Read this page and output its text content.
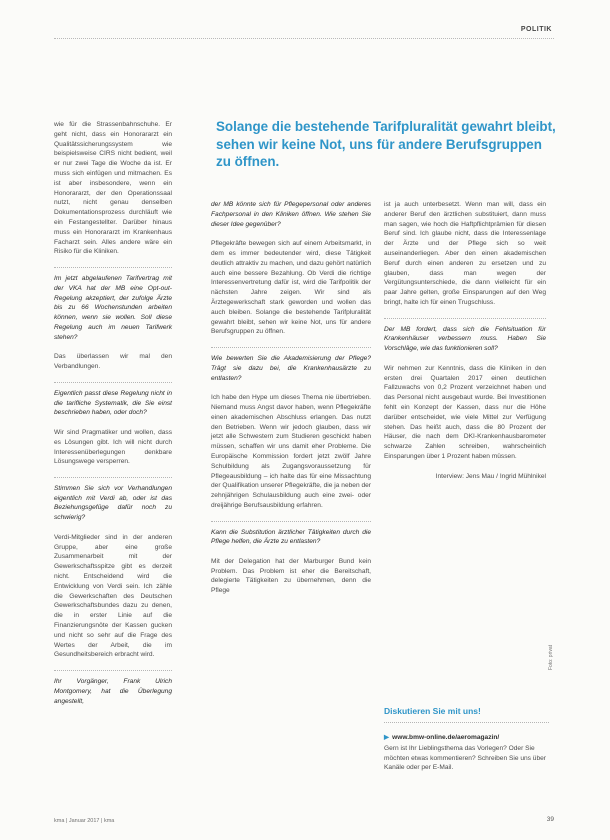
POLITIK
Solange die bestehende Tarifpluralität gewahrt bleibt, sehen wir keine Not, uns für andere Berufsgruppen zu öffnen.

wie für die Strassenbahnschuhe. Er geht nicht, dass ein Honorararzt ein Qualitätssicherungssystem wie beispielsweise CIRS nicht bedient, weil er nur zwei Tage die Woche da ist. Er muss sich einfügen und mitmachen. Es ist aber insbesondere, wenn ein Honorararzt, der den Operationssaal nutzt, nicht genau denselben Dokumentationsprozess durchläuft wie ein Festangestellter. Darüber hinaus muss ein Honorararzt im Krankenhaus Facharzt sein. Alles andere wäre ein Risiko für die Kliniken.

Im jetzt abgelaufenen Tarifvertrag mit der VKA hat der MB eine Opt-out-Regelung akzeptiert, der zufolge Ärzte bis zu 66 Wochenstunden arbeiten können, wenn sie wollen. Soll diese Regelung auch im neuen Tarifwerk stehen?

Das überlassen wir mal den Verbandlungen.

Eigentlich passt diese Regelung nicht in die tarifliche Systematik, die Sie einst beschrieben haben, oder doch?

Wir sind Pragmatiker und wollen, dass es Lösungen gibt. Ich will nicht durch Interessenüberlegungen denkbare Lösungswege versperren.

Stimmen Sie sich vor Verhandlungen eigentlich mit Verdi ab, oder ist das Beziehungsgefüge dafür noch zu schwierig?

Verdi-Mitglieder sind in der anderen Gruppe, aber eine große Zusammenarbeit mit der Gewerkschaftsspitze gibt es derzeit nicht. Entscheidend wird die Entwicklung von Verdi sein. Ich zähle die Gewerkschaften des Deutschen Gewerkschaftsbundes dazu zu denen, die in erster Linie auf die Finanzierungsnöte der Kassen gucken und nicht so sehr auf die Frage des Wertes der Arbeit, die im Gesundheitsbereich erbracht wird.

Ihr Vorgänger, Frank Ulrich Montgomery, hat die Überlegung angestellt,

der MB könnte sich für Pflegepersonal oder anderes Fachpersonal in den Kliniken öffnen. Wie stehen Sie dieser Idee gegenüber?

Pflegekräfte bewegen sich auf einem Arbeitsmarkt, in dem es immer bedeutender wird, diese Tätigkeit deutlich attraktiv zu machen, und dazu gehört natürlich auch eine bessere Bezahlung. Ob Verdi die richtige Interessenvertretung dafür ist, wird die Tarifpolitik der nächsten Jahre zeigen. Wir sind als Ärztegewerkschaft stark geworden und wollen das auch bleiben. Solange die bestehende Tarifpluralität gewahrt bleibt, sehen wir keine Not, uns für andere Berufsgruppen zu öffnen.

Wie bewerten Sie die Akademisierung der Pflege? Trägt sie dazu bei, die Krankenhausärzte zu entlasten?

Ich habe den Hype um dieses Thema nie übertrieben. Niemand muss Angst davor haben, wenn Pflegekräfte einen akademischen Abschluss erlangen. Das nutzt den Betrieben. Wenn wir jedoch glauben, dass wir jetzt alle Schwestern zum Studieren geschickt haben müssen, schaffen wir uns damit eher Probleme. Die Europäische Kommission fordert jetzt zwölf Jahre Schulbildung als Zugangsvoraussetzung für Pflegeausbildung – ich halte das für eine Missachtung der Qualifikation unserer Pflegekräfte, die ja neben der zehnjährigen Schulausbildung auch eine zwei- oder dreijährige Berufsausbildung erfahren.

Kann die Substitution ärztlicher Tätigkeiten durch die Pflege helfen, die Ärzte zu entlasten?

Mit der Delegation hat der Marburger Bund kein Problem. Das Problem ist eher die Bereitschaft, delegierte Tätigkeiten zu übernehmen, denn die Pflege

ist ja auch unterbesetzt. Wenn man will, dass ein anderer Beruf den ärztlichen substituiert, dann muss man sagen, wie hoch die Haftpflichtprämien für diesen Beruf sind. Ich glaube nicht, dass die Interessenlage der Ärzte und der Pflege sich so weit auseinanderliegen. Aber den einen akademischen Beruf durch einen anderen zu ersetzen und zu glauben, dass man wegen der Vergütungsunterschiede, die dann vielleicht für ein paar Jahre gelten, große Einsparungen auf den Weg bringt, halte ich für einen Trugschluss.

Der MB fordert, dass sich die Fehlsituation für Krankenhäuser verbessern muss. Haben Sie Vorschläge, wie das funktionieren soll?

Wir nehmen zur Kenntnis, dass die Kliniken in den ersten drei Quartalen 2017 einen deutlichen Fallzuwachs von 0,2 Prozent verzeichnet haben und das Personal nicht ausgebaut wurde. Bei Investitionen fehlt ein Konzept der Kassen, dass nur die Höhe darüber entscheidet, wie viele Mittel zur Verfügung stehen. Das heißt auch, dass die 80 Prozent der Häuser, die nach dem DKI-Krankenhausbarometer schwarze Zahlen schreiben, wahrscheinlich Einsparungen über 1 Prozent haben müssen.

Interview: Jens Mau / Ingrid Mühlnikel

Diskutieren Sie mit uns!
▶ www.bmw-online.de/aeromagazin/
Gern ist Ihr Lieblingsthema das Vorlegen? Oder Sie möchten etwas kommentieren? Schreiben Sie uns über Kanäle oder per E-Mail.
Foto: privat
kma | Januar 2017 | kma	39
